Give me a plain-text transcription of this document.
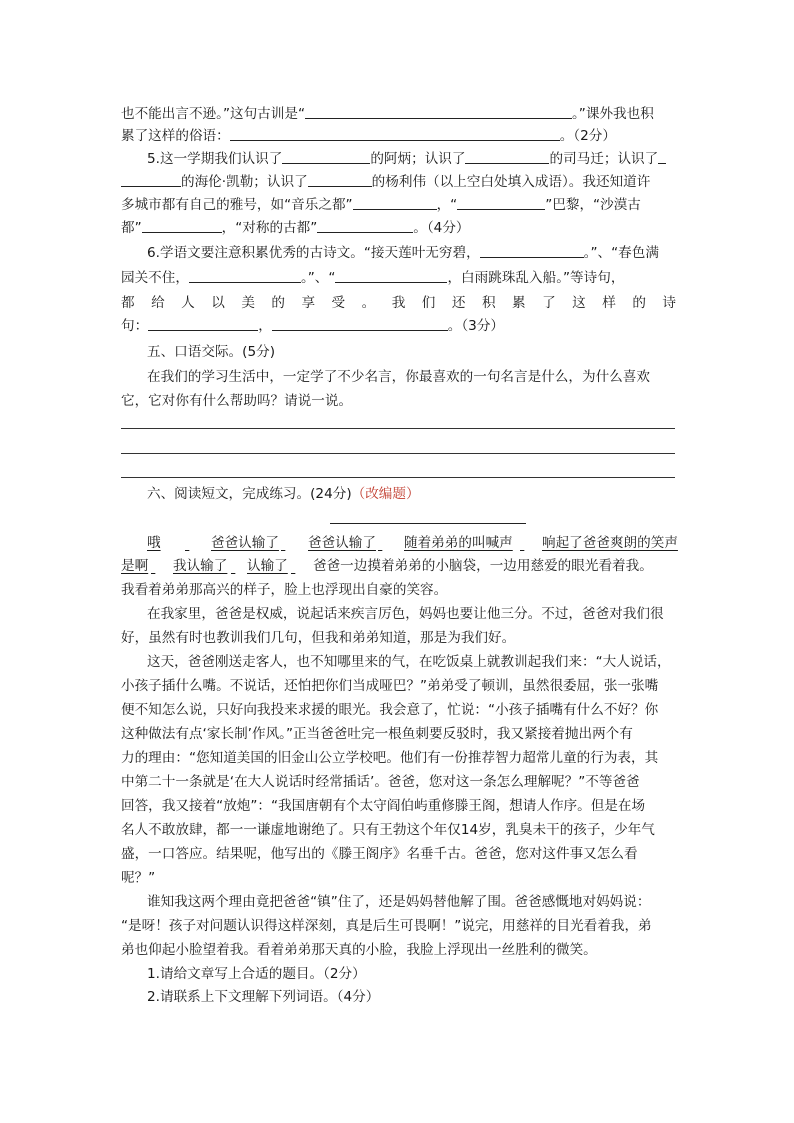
也不能出言不逊。”这句古训是“	。”课外我也积
累了这样的俗语：	。（2分）
5.这一学期我们认识了	的阿炳；认识了	的司马迁；认识了
的海伦·凯勒；认识了	的杨利伟（以上空白处填入成语）。我还知道许
多城市都有自己的雅号，如“音乐之都”	，“	”巴黎，“沙漠古
都”	，“对称的古都”	。（4分）
6.学语文要注意积累优秀的古诗文。“接天莲叶无穷碧，	。”、“春色满
园关不住，	。”、“	，白雨跳珠乱入船。”等诗句，
都 给 人 以 美 的 享 受 。 我 们 还 积 累 了 这 样 的 诗
句：	，	。（3分）
五、口语交际。(5分)
在我们的学习生活中，一定学了不少名言，你最喜欢的一句名言是什么，为什么喜欢
它，它对你有什么帮助吗？请说一说。
六、阅读短文，完成练习。(24分)（改编题）
哦	爸爸认输了 爸爸认输了 随着弟弟的叫喊声 响起了爸爸爽朗的笑声
是啊 我认输了 认输了 爸爸一边摸着弟弟的小脑袋，一边用慈爱的眼光看着我。
我看着弟弟那高兴的样子，脸上也浮现出自豪的笑容。
在我家里，爸爸是权威，说起话来疾言厉色，妈妈也要让他三分。不过，爸爸对我们很
好，虽然有时也教训我们几句，但我和弟弟知道，那是为我们好。
这天，爸爸刚送走客人，也不知哪里来的气，在吃饭桌上就教训起我们来：“大人说话，
小孩子插什么嘴。不说话，还怕把你们当成哑巴？”弟弟受了顿训，虽然很委屈，张一张嘴
便不知怎么说，只好向我投来求援的眼光。我会意了，忙说：“小孩子插嘴有什么不好？你
这种做法有点‘家长制’作风。”正当爸爸吐完一根鱼刺要反驳时，我又紧接着抛出两个有
力的理由：“您知道美国的旧金山公立学校吧。他们有一份推荐智力超常儿童的行为表，其
中第二十一条就是‘在大人说话时经常插话’。爸爸，您对这一条怎么理解呢？”不等爸爸
回答，我又接着“放炮”：“我国唐朝有个太守阎伯屿重修滕王阁，想请人作序。但是在场
名人不敢放肆，都一一谦虚地谢绝了。只有王勃这个年仅14岁，乳臭未干的孩子，少年气
盛，一口答应。结果呢，他写出的《滕王阁序》名垂千古。爸爸，您对这件事又怎么看
呢？”
谁知我这两个理由竟把爸爸“镇”住了，还是妈妈替他解了围。爸爸感慨地对妈妈说：
“是呀！孩子对问题认识得这样深刻，真是后生可畏啊！”说完，用慈祥的目光看着我，弟
弟也仰起小脸望着我。看着弟弟那天真的小脸，我脸上浮现出一丝胜利的微笑。
1.请给文章写上合适的题目。（2分）
2.请联系上下文理解下列词语。（4分）
